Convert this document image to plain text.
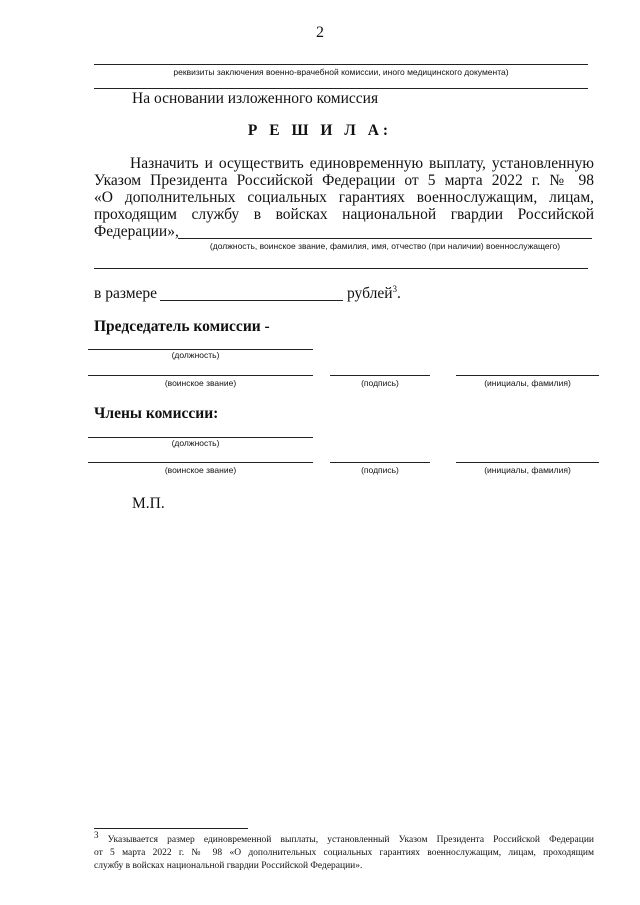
2
реквизиты заключения военно-врачебной комиссии, иного медицинского документа)
На основании изложенного комиссия
Р Е Ш И Л А:
Назначить и осуществить единовременную выплату, установленную
Указом Президента Российской Федерации от 5 марта 2022 г. № 98
«О дополнительных социальных гарантиях военнослужащим, лицам,
проходящим службу в войсках национальной гвардии Российской
Федерации»,
(должность, воинское звание, фамилия, имя, отчество (при наличии) военнослужащего)
в размере	рублей$^3$.
Председатель комиссии -
(должность)
(воинское звание)	(подпись)	(инициалы, фамилия)
Члены комиссии:
(должность)
(воинское звание)	(подпись)	(инициалы, фамилия)
М.П.
$^3$ Указывается размер единовременной выплаты, установленный Указом Президента Российской Федерации
от 5 марта 2022 г. № 98 «О дополнительных социальных гарантиях военнослужащим, лицам, проходящим
службу в войсках национальной гвардии Российской Федерации».
